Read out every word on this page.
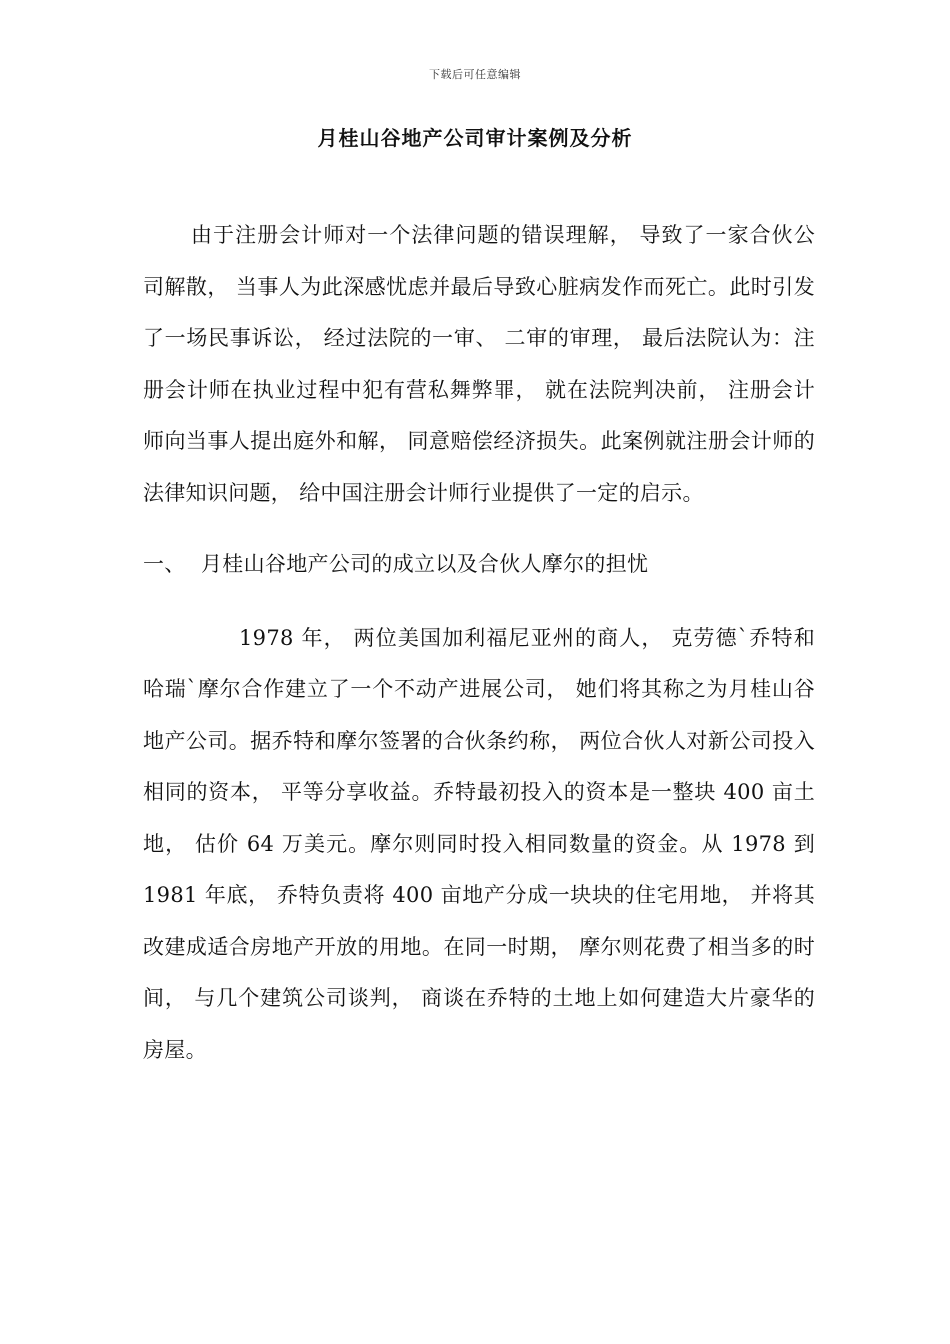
下载后可任意编辑
月桂山谷地产公司审计案例及分析

由于注册会计师对一个法律问题的错误理解， 导致了一家合伙公司解散， 当事人为此深感忧虑并最后导致心脏病发作而死亡。此时引发了一场民事诉讼， 经过法院的一审、 二审的审理， 最后法院认为：注册会计师在执业过程中犯有营私舞弊罪， 就在法院判决前， 注册会计师向当事人提出庭外和解， 同意赔偿经济损失。此案例就注册会计师的法律知识问题， 给中国注册会计师行业提供了一定的启示。

一、 月桂山谷地产公司的成立以及合伙人摩尔的担忧

1978 年， 两位美国加利福尼亚州的商人， 克劳德`乔特和哈瑞`摩尔合作建立了一个不动产进展公司， 她们将其称之为月桂山谷地产公司。据乔特和摩尔签署的合伙条约称， 两位合伙人对新公司投入相同的资本， 平等分享收益。乔特最初投入的资本是一整块 400 亩土地， 估价 64 万美元。摩尔则同时投入相同数量的资金。从 1978 到 1981 年底， 乔特负责将 400 亩地产分成一块块的住宅用地， 并将其改建成适合房地产开放的用地。在同一时期， 摩尔则花费了相当多的时间， 与几个建筑公司谈判， 商谈在乔特的土地上如何建造大片豪华的房屋。
